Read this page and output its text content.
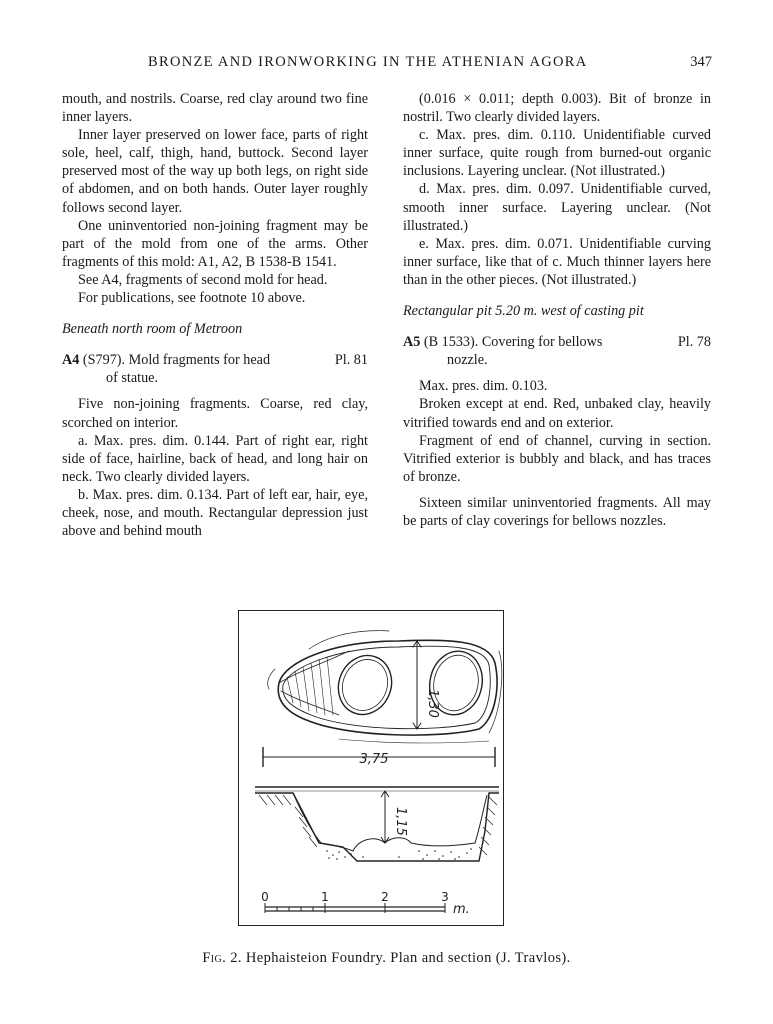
BRONZE AND IRONWORKING IN THE ATHENIAN AGORA	347

mouth, and nostrils. Coarse, red clay around two fine inner layers.

Inner layer preserved on lower face, parts of right sole, heel, calf, thigh, hand, buttock. Second layer preserved most of the way up both legs, on right side of abdomen, and on both hands. Outer layer roughly follows second layer.

One uninventoried non-joining fragment may be part of the mold from one of the arms. Other fragments of this mold: A1, A2, B 1538-B 1541.

See A4, fragments of second mold for head.

For publications, see footnote 10 above.

Beneath north room of Metroon

A4 (S797). Mold fragments for head	Pl. 81

of statue.

Five non-joining fragments. Coarse, red clay, scorched on interior.

a. Max. pres. dim. 0.144. Part of right ear, right side of face, hairline, back of head, and long hair on neck. Two clearly divided layers.

b. Max. pres. dim. 0.134. Part of left ear, hair, eye, cheek, nose, and mouth. Rectangular depression just above and behind mouth

(0.016 × 0.011; depth 0.003). Bit of bronze in nostril. Two clearly divided layers.

c. Max. pres. dim. 0.110. Unidentifiable curved inner surface, quite rough from burned-out organic inclusions. Layering unclear. (Not illustrated.)

d. Max. pres. dim. 0.097. Unidentifiable curved, smooth inner surface. Layering unclear. (Not illustrated.)

e. Max. pres. dim. 0.071. Unidentifiable curving inner surface, like that of c. Much thinner layers here than in the other pieces. (Not illustrated.)

Rectangular pit 5.20 m. west of casting pit

A5 (B 1533). Covering for bellows	Pl. 78

nozzle.

Max. pres. dim. 0.103.

Broken except at end. Red, unbaked clay, heavily vitrified towards end and on exterior.

Fragment of end of channel, curving in section. Vitrified exterior is bubbly and black, and has traces of bronze.

Sixteen similar uninventoried fragments. All may be parts of clay coverings for bellows nozzles.

1,30
3,75
1,15
0	1	2	3
m.
Fig. 2. Hephaisteion Foundry. Plan and section (J. Travlos).
